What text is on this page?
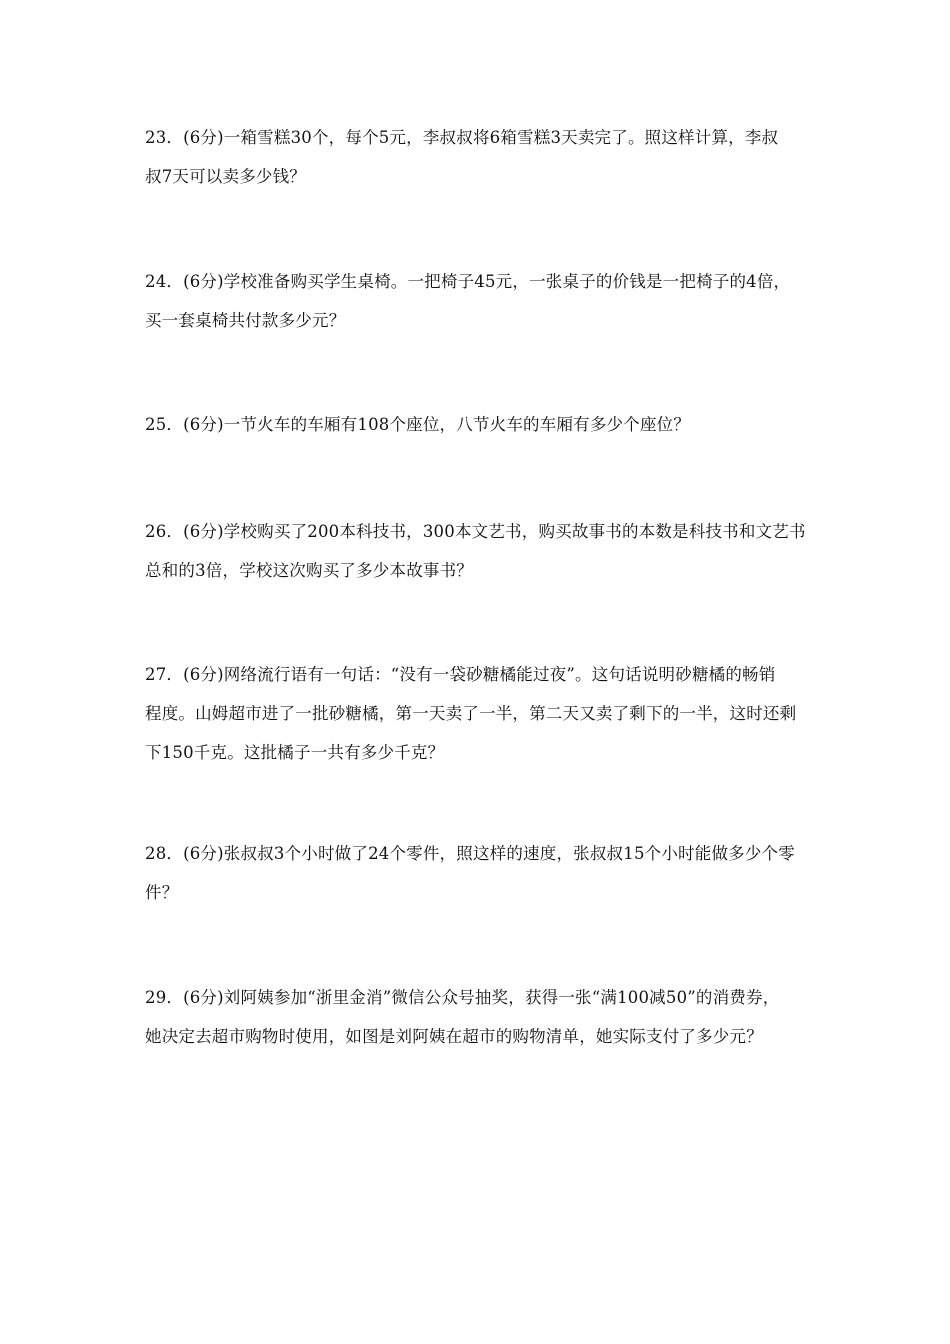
23．(6分)一箱雪糕30个，每个5元，李叔叔将6箱雪糕3天卖完了。照这样计算，李叔

叔7天可以卖多少钱？

24．(6分)学校准备购买学生桌椅。一把椅子45元，一张桌子的价钱是一把椅子的4倍，

买一套桌椅共付款多少元？

25．(6分)一节火车的车厢有108个座位，八节火车的车厢有多少个座位？

26．(6分)学校购买了200本科技书，300本文艺书，购买故事书的本数是科技书和文艺书

总和的3倍，学校这次购买了多少本故事书？

27．(6分)网络流行语有一句话：“没有一袋砂糖橘能过夜”。这句话说明砂糖橘的畅销

程度。山姆超市进了一批砂糖橘，第一天卖了一半，第二天又卖了剩下的一半，这时还剩

下150千克。这批橘子一共有多少千克？

28．(6分)张叔叔3个小时做了24个零件，照这样的速度，张叔叔15个小时能做多少个零

件？

29．(6分)刘阿姨参加“浙里金消”微信公众号抽奖，获得一张“满100减50”的消费券，

她决定去超市购物时使用，如图是刘阿姨在超市的购物清单，她实际支付了多少元？
